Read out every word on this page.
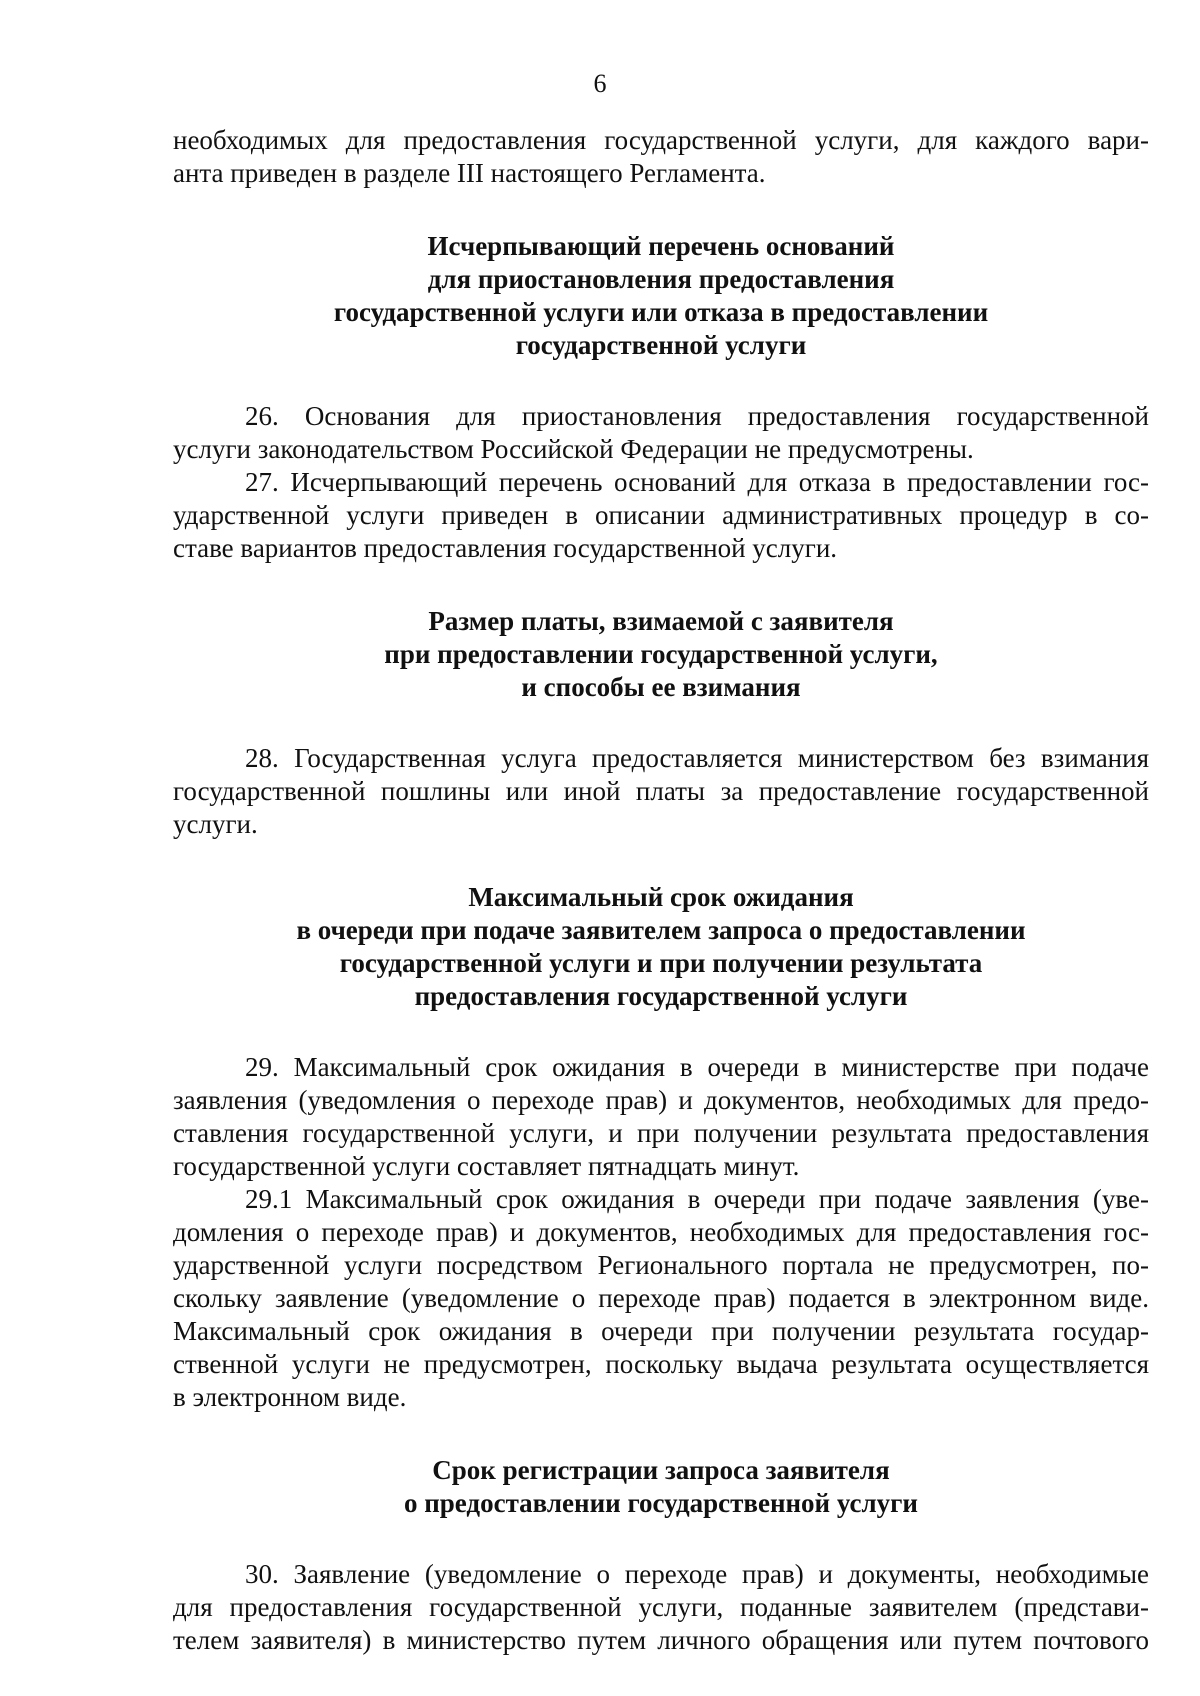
6
необходимых для предоставления государственной услуги, для каждого вари-
анта приведен в разделе III настоящего Регламента.
Исчерпывающий перечень оснований
для приостановления предоставления
государственной услуги или отказа в предоставлении
государственной услуги
26. Основания для приостановления предоставления государственной
услуги законодательством Российской Федерации не предусмотрены.
27. Исчерпывающий перечень оснований для отказа в предоставлении гос-
ударственной услуги приведен в описании административных процедур в со-
ставе вариантов предоставления государственной услуги.
Размер платы, взимаемой с заявителя
при предоставлении государственной услуги,
и способы ее взимания
28. Государственная услуга предоставляется министерством без взимания
государственной пошлины или иной платы за предоставление государственной
услуги.
Максимальный срок ожидания
в очереди при подаче заявителем запроса о предоставлении
государственной услуги и при получении результата
предоставления государственной услуги
29. Максимальный срок ожидания в очереди в министерстве при подаче
заявления (уведомления о переходе прав) и документов, необходимых для предо-
ставления государственной услуги, и при получении результата предоставления
государственной услуги составляет пятнадцать минут.
29.1 Максимальный срок ожидания в очереди при подаче заявления (уве-
домления о переходе прав) и документов, необходимых для предоставления гос-
ударственной услуги посредством Регионального портала не предусмотрен, по-
скольку заявление (уведомление о переходе прав) подается в электронном виде.
Максимальный срок ожидания в очереди при получении результата государ-
ственной услуги не предусмотрен, поскольку выдача результата осуществляется
в электронном виде.
Срок регистрации запроса заявителя
о предоставлении государственной услуги
30. Заявление (уведомление о переходе прав) и документы, необходимые
для предоставления государственной услуги, поданные заявителем (представи-
телем заявителя) в министерство путем личного обращения или путем почтового
